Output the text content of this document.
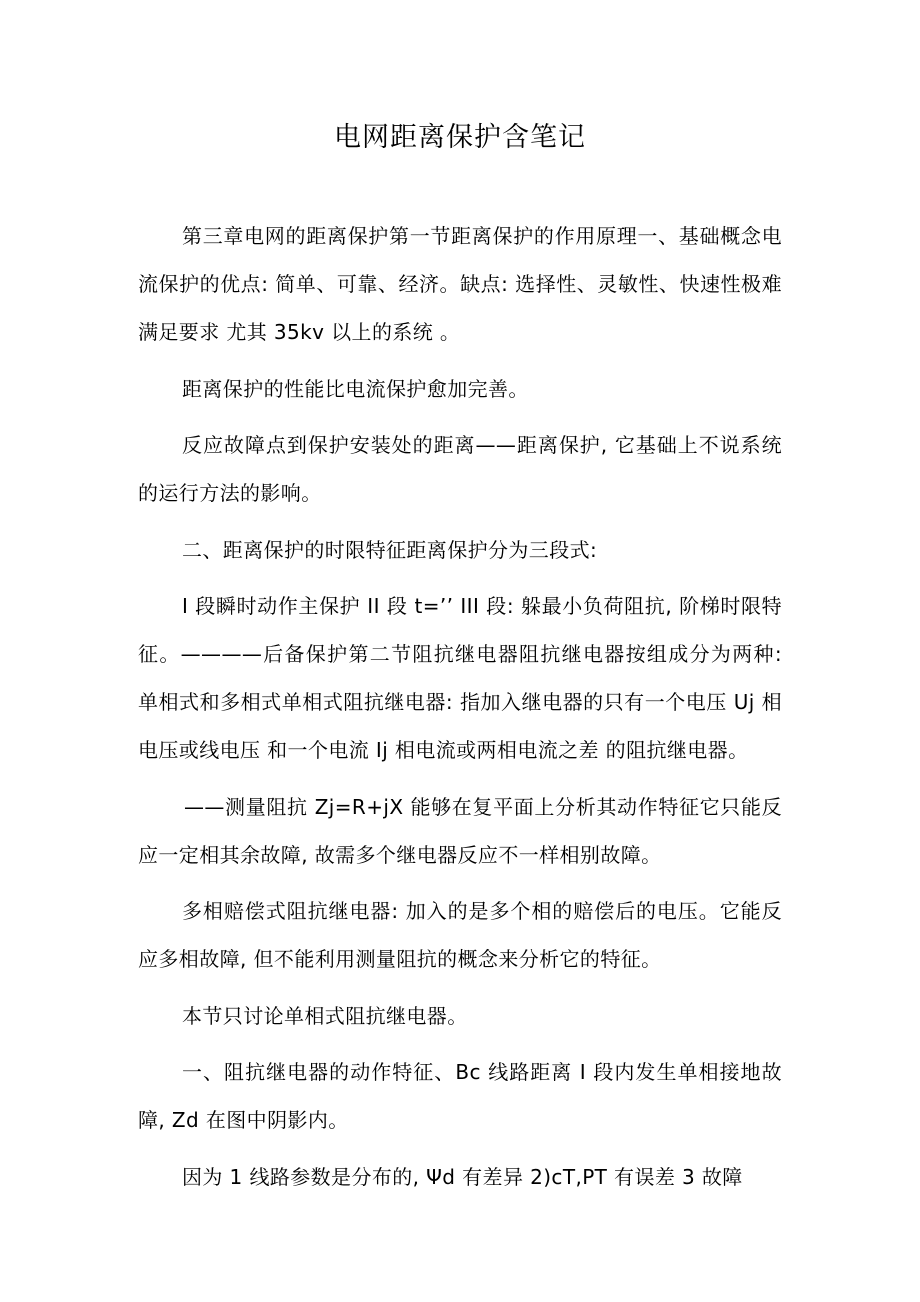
电网距离保护含笔记

第三章电网的距离保护第一节距离保护的作用原理一、基础概念电流保护的优点: 简单、可靠、经济。缺点: 选择性、灵敏性、快速性极难满足要求 尤其 35kv 以上的系统 。

距离保护的性能比电流保护愈加完善。

反应故障点到保护安装处的距离——距离保护, 它基础上不说系统的运行方法的影响。

二、距离保护的时限特征距离保护分为三段式:

I 段瞬时动作主保护 II 段 t=’’ III 段: 躲最小负荷阻抗, 阶梯时限特征。————后备保护第二节阻抗继电器阻抗继电器按组成分为两种: 单相式和多相式单相式阻抗继电器: 指加入继电器的只有一个电压 Uj 相电压或线电压 和一个电流 Ij 相电流或两相电流之差 的阻抗继电器。

——测量阻抗 Zj=R+jX 能够在复平面上分析其动作特征它只能反应一定相其余故障, 故需多个继电器反应不一样相别故障。

多相赔偿式阻抗继电器: 加入的是多个相的赔偿后的电压。它能反应多相故障, 但不能利用测量阻抗的概念来分析它的特征。

本节只讨论单相式阻抗继电器。

一、阻抗继电器的动作特征、Bc 线路距离 I 段内发生单相接地故障, Zd 在图中阴影内。

因为 1 线路参数是分布的, Ψd 有差异 2)cT,PT 有误差 3 故障
